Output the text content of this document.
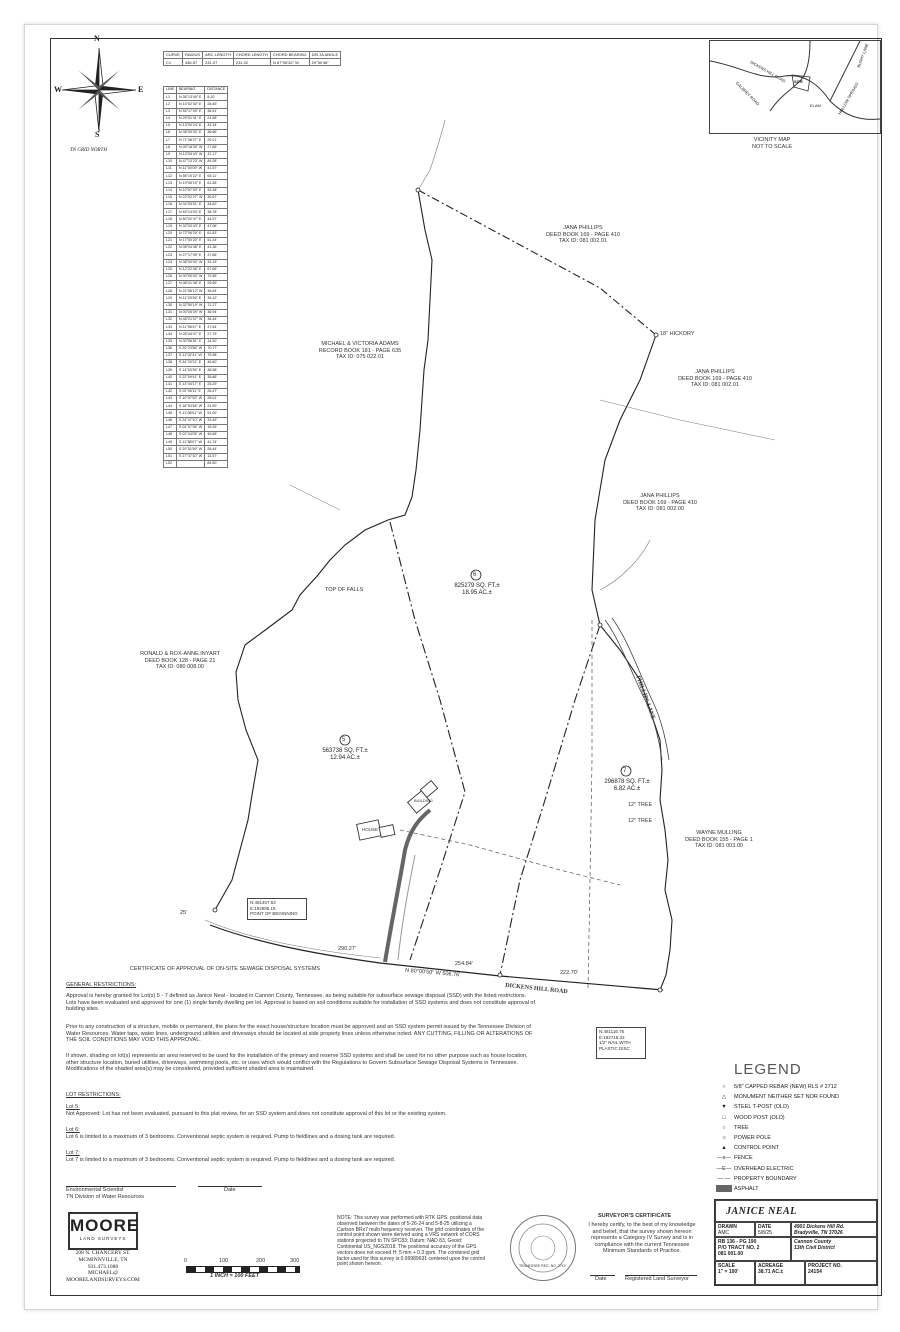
N
S
W	E
TN GRID NORTH
CURVE	RADIUS	ARC LENGTH	CHORD LENGTH	CHORD BEARING	DELTA ANGLE
C1	446.57	231.07	231.02	N 67°06'32" W	29°50'48"
LINE	BEARING	DISTANCE
L1	N 36°13'49" E	8.10'
L2	N 14°02'30" E	28.45'
L3	N 54°17'09" E	36.51'
L4	N 29°51'41" E	24.58'
L5	N 13°00'24" E	43.34'
L6	N 38°05'30" E	36.66'
L7	N 71°08'37" E	29.21'
L8	N 05°18'39" W	27.66'
L9	N 13°05'43" W	47.17'
L10	N 47°13'23" W	49.28'
L11	N 11°00'09" W	41.57'
L12	N 56°10'22" E	65.11'
L13	N 19°06'19" E	61.58'
L14	N 10°57'00" E	33.38'
L15	N 22°02'27" W	30.67'
L16	N 34°05'51" E	34.62'
L17	N 63°14'04" E	38.78'
L18	N 60°02'47" E	44.57'
L19	N 32°00'43" E	47.06'
L20	N 72°06'20" E	61.83'
L21	N 17°00'20" E	51.34'
L22	N 08°04'48" E	41.36'
L23	N 27°17'39" E	37.86'
L24	N 38°00'00" W	33.15'
L25	N 12°22'48" E	67.66'
L26	N 00°00'00" W	72.56'
L27	N 08°41'48" E	29.69'
L28	N 21°56'12" W	36.54'
L29	N 11°29'26" E	39.12'
L30	N 32°50'19" W	71.27'
L31	N 00°05'39" W	36.94'
L32	N 48°21'37" W	36.44'
L33	N 11°58'47" E	37.64'
L34	N 05°44'47" E	27.75'
L35	N 30°56'51" E	14.30'
L36	S 20°23'56" W	70.17'
L37	S 11°02'31" W	75.98'
L38	S 34°20'21" E	46.60'
L39	S 14°53'36" E	38.58'
L40	S 22°09'41" E	35.88'
L41	S 13°44'17" E	25.29'
L42	S 02°06'11" E	26.47'
L43	S 10°57'52" W	28.01'
L44	S 18°53'48" W	31.90'
L45	S 11°08'01" W	51.00'
L46	S 24°47'10" W	33.49'
L47	S 04°07'36" W	15.26'
L48	S 02°34'05" W	49.68'
L49	S 11°58'07" W	41.74'
L50	S 20°51'59" W	28.44'
L51	S 27°37'10" W	13.57'
L52		84.50'
DICKENS HILL ROAD
GALBREY ROAD	HOLLOW SPRINGS
BUSHY LANE
ELAM
SITE
VICINITY MAP
NOT TO SCALE
5
6
7
563738 SQ. FT.±
12.94 AC.±
825279 SQ. FT.±
18.95 AC.±
296878 SQ. FT.±
6.82 AC.±
JANA PHILLIPS
DEED BOOK 169 - PAGE 410
TAX ID: 081 002.01
JANA PHILLIPS
DEED BOOK 169 - PAGE 410
TAX ID: 081 002.01
JANA PHILLIPS
DEED BOOK 169 - PAGE 410
TAX ID: 081 002.00
MICHAEL & VICTORIA ADAMS
RECORD BOOK 181 - PAGE 635
TAX ID: 075 022.01
RONALD & ROX-ANNE INYART
DEED BOOK 128 - PAGE 21
TAX ID: 080 008.00
WAYNE MULLING
DEED BOOK 155 - PAGE 1
TAX ID: 081 003.00
18" HICKORY
TOP OF FALLS
PHILLIPS LANE
DICKENS HILL ROAD
12" TREE
12" TREE
HOUSE
BUILDING
25'
290.27'
254.84'
222.70'
N 80°00'50" W 506.76'
N:481407.53
E:192995.18
POINT OF BEGINNING
N:481116.76
E:192716.33
1/2" NAIL WITH
PLASTIC DISC
CERTIFICATE OF APPROVAL OF ON-SITE SEWAGE DISPOSAL SYSTEMS
GENERAL RESTRICTIONS:
Approval is hereby granted for Lot(s) 5 - 7 defined as Janice Neal - located in Cannon County, Tennessee, as being suitable for subsurface sewage disposal (SSD) with the listed restrictions. Lots have been evaluated and approved for one (1) single family dwelling per lot. Approval is based on soil conditions suitable for installation of SSD systems and does not constitute approval of building sites.
Prior to any construction of a structure, mobile or permanent, the plans for the exact house/structure location must be approved and an SSD system permit issued by the Tennessee Division of Water Resources. Water taps, water lines, underground utilities and driveways should be located at side property lines unless otherwise noted. ANY CUTTING, FILLING OR ALTERATIONS OF THE SOIL CONDITIONS MAY VOID THIS APPROVAL.
If shown, shading on lot(s) represents an area reserved to be used for the installation of the primary and reserve SSD systems and shall be used for no other purpose such as house location, other structure location, buried utilities, driveways, swimming pools, etc. or uses which would conflict with the Regulations to Govern Subsurface Sewage Disposal Systems in Tennessee. Modifications of the shaded area(s) may be considered, provided sufficient shaded area is maintained.
LOT RESTRICTIONS:
Lot 5:
Not Approved: Lot has not been evaluated, pursuant to this plat review, for an SSD system and does not constitute approval of this lot or the existing system.
Lot 6:
Lot 6 is limited to a maximum of 3 bedrooms. Conventional septic system is required. Pump to fieldlines and a dosing tank are required.
Lot 7:
Lot 7 is limited to a maximum of 3 bedrooms. Conventional septic system is required. Pump to fieldlines and a dosing tank are required.
Environmental Scientist
TN Division of Water Resources
Date
MOORE
LAND SURVEYS
208 N. CHANCERY ST.
MCMINNVILLE, TN
931.473.1088
MICHAEL@
MOORELANDSURVEYS.COM
0	100	200	300
1 INCH = 100 FEET
NOTE: This survey was performed with RTK GPS. positional data observed between the dates of 5-26-24 and 5-8-25 utilizing a Carlson BRx7 multi frequency receiver. The grid coordinates of the control point shown were derived using a VRS network of CORS stations projected to TN SPC83; Datum: NAD 83, Geoid: Continental US_NGS2018. The positional accuracy of the GPS vectors does not exceed H: 5 mm + 0.3 ppm. The combined grid factor used for this survey is 0.99989631 centered upon the control point shown hereon.	TENNESSEE REG. NO. 2712
SURVEYOR'S CERTIFICATE
I hereby certify, to the best of my knowledge and belief, that the survey shown hereon represents a Category IV Survey and is in compliance with the current Tennessee Minimum Standards of Practice.
Date	Registered Land Surveyor
LEGEND
○ 5/8" CAPPED REBAR (NEW) RLS # 2712
△ MONUMENT NEITHER SET NOR FOUND
▼ STEEL T-POST (OLD)
□ WOOD POST (OLD)
○ TREE
☼ POWER POLE
▲ CONTROL POINT
—x— FENCE
—E— OVERHEAD ELECTRIC
— — PROPERTY BOUNDARY
ASPHALT
JANICE NEAL
DRAWN
AMC
DATE
5/8/25
4901 Dickens Hill Rd.
Bradyville, TN 37026
RB 136 - PG 190
P/O TRACT NO. 2
081 001.00
Cannon County
13th Civil District
SCALE
1" = 100'
ACREAGE
38.71 AC.±
PROJECT NO.
24154
